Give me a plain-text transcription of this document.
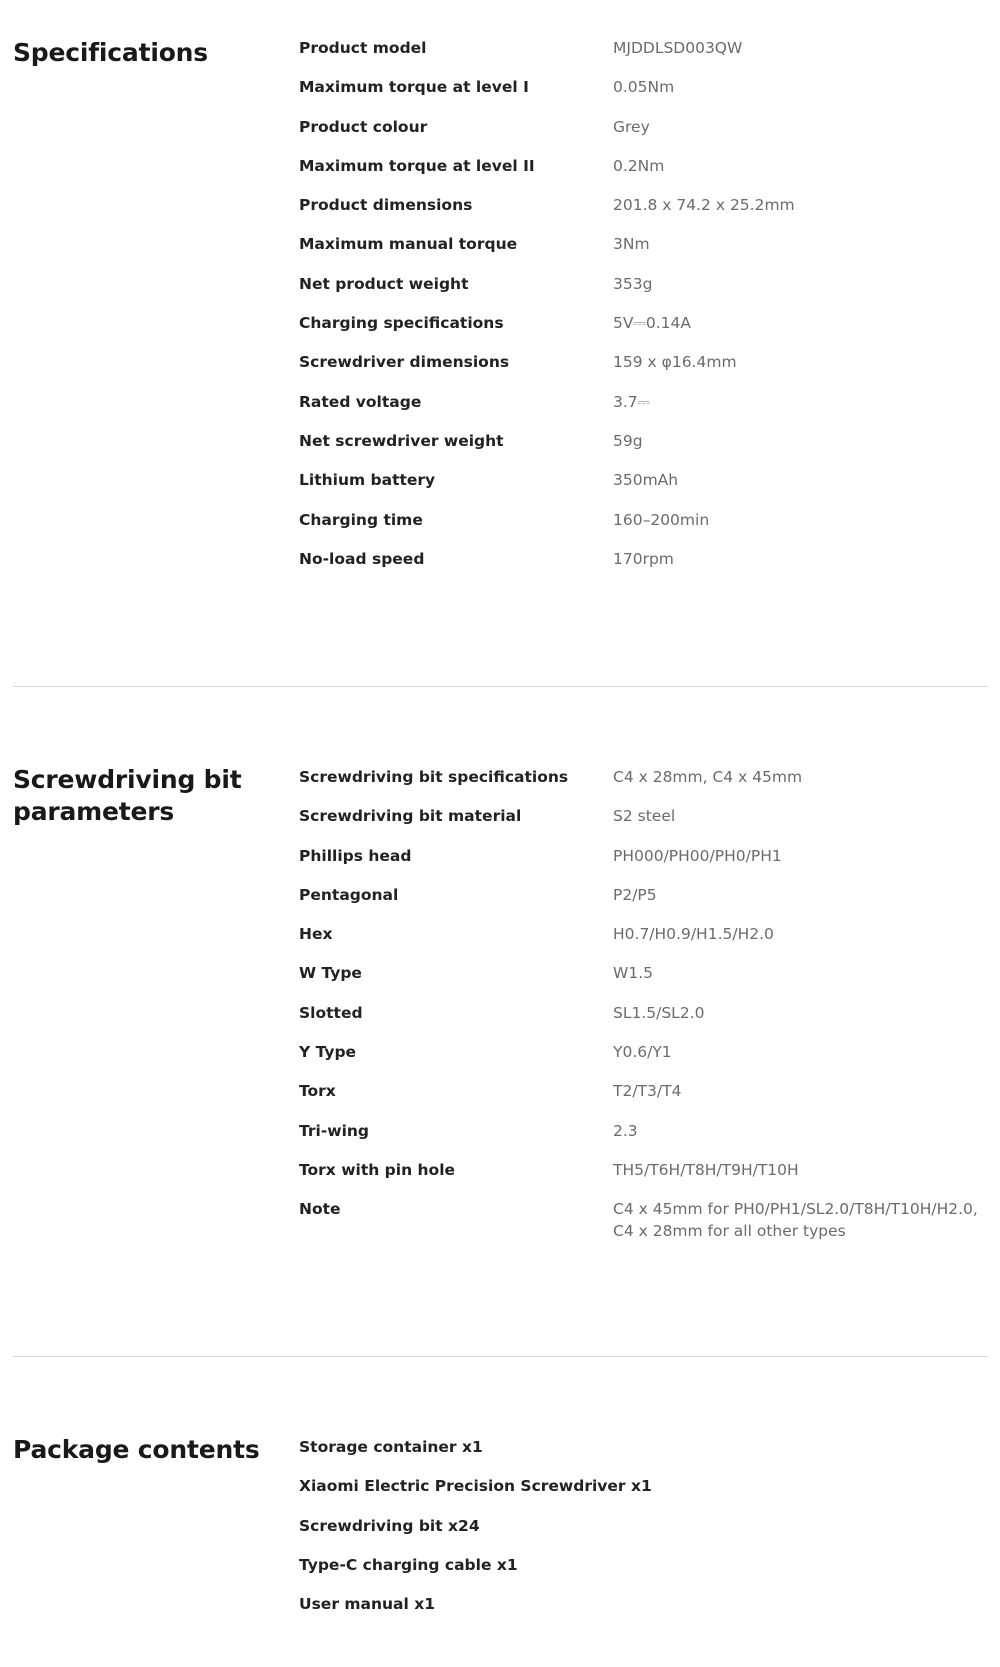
Specifications	Product model	MJDDLSD003QW
Maximum torque at level I	0.05Nm
Product colour	Grey
Maximum torque at level II	0.2Nm
Product dimensions	201.8 x 74.2 x 25.2mm
Maximum manual torque	3Nm
Net product weight	353g
Charging specifications	5V⎓0.14A
Screwdriver dimensions	159 x φ16.4mm
Rated voltage	3.7⎓
Net screwdriver weight	59g
Lithium battery	350mAh
Charging time	160–200min
No-load speed	170rpm
Screwdriving bit parameters
Screwdriving bit specifications	C4 x 28mm, C4 x 45mm
Screwdriving bit material	S2 steel
Phillips head	PH000/PH00/PH0/PH1
Pentagonal	P2/P5
Hex	H0.7/H0.9/H1.5/H2.0
W Type	W1.5
Slotted	SL1.5/SL2.0
Y Type	Y0.6/Y1
Torx	T2/T3/T4
Tri-wing	2.3
Torx with pin hole	TH5/T6H/T8H/T9H/T10H
Note	C4 x 45mm for PH0/PH1/SL2.0/T8H/T10H/H2.0,
C4 x 28mm for all other types
Package contents	Storage container x1
Xiaomi Electric Precision Screwdriver x1
Screwdriving bit x24
Type-C charging cable x1
User manual x1
